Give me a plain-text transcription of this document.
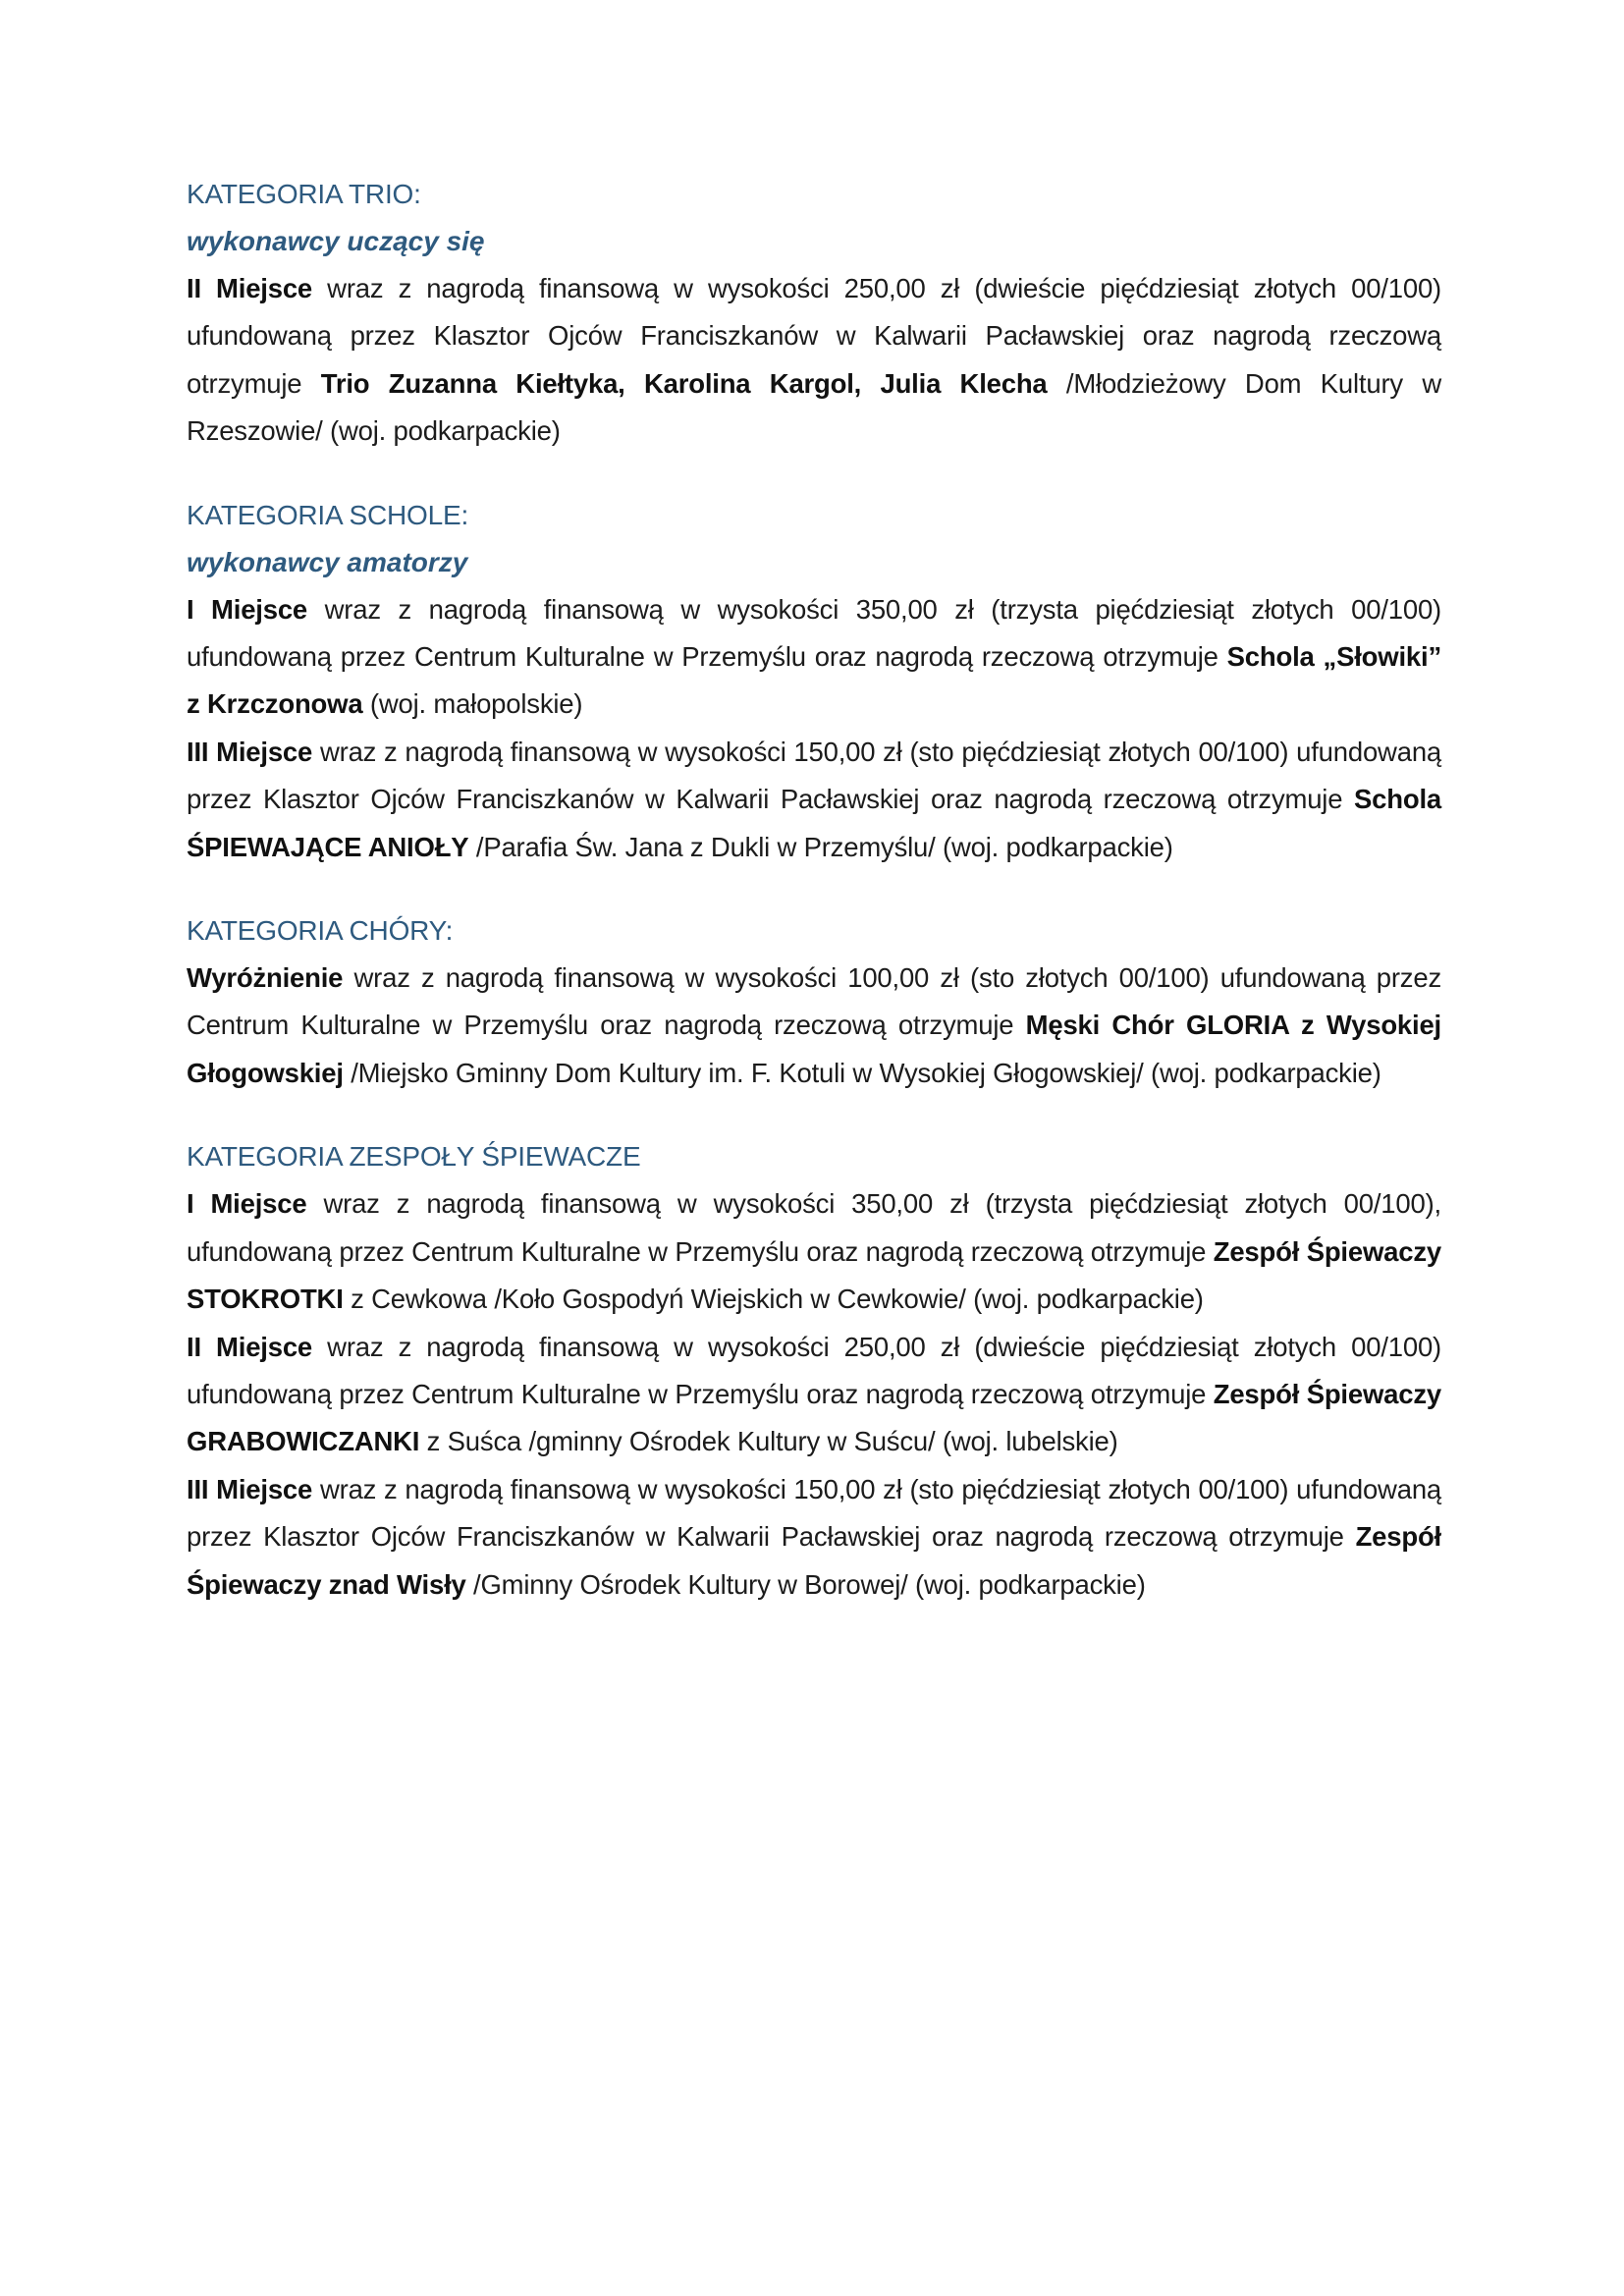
KATEGORIA TRIO:

wykonawcy uczący się

II Miejsce wraz z nagrodą finansową w wysokości 250,00 zł (dwieście pięćdziesiąt złotych 00/100) ufundowaną przez Klasztor Ojców Franciszkanów w Kalwarii Pacławskiej oraz nagrodą rzeczową otrzymuje Trio Zuzanna Kiełtyka, Karolina Kargol, Julia Klecha /Młodzieżowy Dom Kultury w Rzeszowie/ (woj. podkarpackie)

KATEGORIA SCHOLE:

wykonawcy amatorzy

I Miejsce wraz z nagrodą finansową w wysokości 350,00 zł (trzysta pięćdziesiąt złotych 00/100) ufundowaną przez Centrum Kulturalne w Przemyślu oraz nagrodą rzeczową otrzymuje Schola „Słowiki” z Krzczonowa (woj. małopolskie)

III Miejsce wraz z nagrodą finansową w wysokości 150,00 zł (sto pięćdziesiąt złotych 00/100) ufundowaną przez Klasztor Ojców Franciszkanów w Kalwarii Pacławskiej oraz nagrodą rzeczową otrzymuje Schola ŚPIEWAJĄCE ANIOŁY /Parafia Św. Jana z Dukli w Przemyślu/ (woj. podkarpackie)

KATEGORIA CHÓRY:

Wyróżnienie wraz z nagrodą finansową w wysokości 100,00 zł (sto złotych 00/100) ufundowaną przez Centrum Kulturalne w Przemyślu oraz nagrodą rzeczową otrzymuje Męski Chór GLORIA z Wysokiej Głogowskiej /Miejsko Gminny Dom Kultury im. F. Kotuli w Wysokiej Głogowskiej/ (woj. podkarpackie)

KATEGORIA ZESPOŁY ŚPIEWACZE

I Miejsce wraz z nagrodą finansową w wysokości 350,00 zł (trzysta pięćdziesiąt złotych 00/100), ufundowaną przez Centrum Kulturalne w Przemyślu oraz nagrodą rzeczową otrzymuje Zespół Śpiewaczy STOKROTKI z Cewkowa /Koło Gospodyń Wiejskich w Cewkowie/ (woj. podkarpackie)

II Miejsce wraz z nagrodą finansową w wysokości 250,00 zł (dwieście pięćdziesiąt złotych 00/100) ufundowaną przez Centrum Kulturalne w Przemyślu oraz nagrodą rzeczową otrzymuje Zespół Śpiewaczy GRABOWICZANKI z Suśca /gminny Ośrodek Kultury w Suścu/ (woj. lubelskie)

III Miejsce wraz z nagrodą finansową w wysokości 150,00 zł (sto pięćdziesiąt złotych 00/100) ufundowaną przez Klasztor Ojców Franciszkanów w Kalwarii Pacławskiej oraz nagrodą rzeczową otrzymuje Zespół Śpiewaczy znad Wisły /Gminny Ośrodek Kultury w Borowej/ (woj. podkarpackie)
